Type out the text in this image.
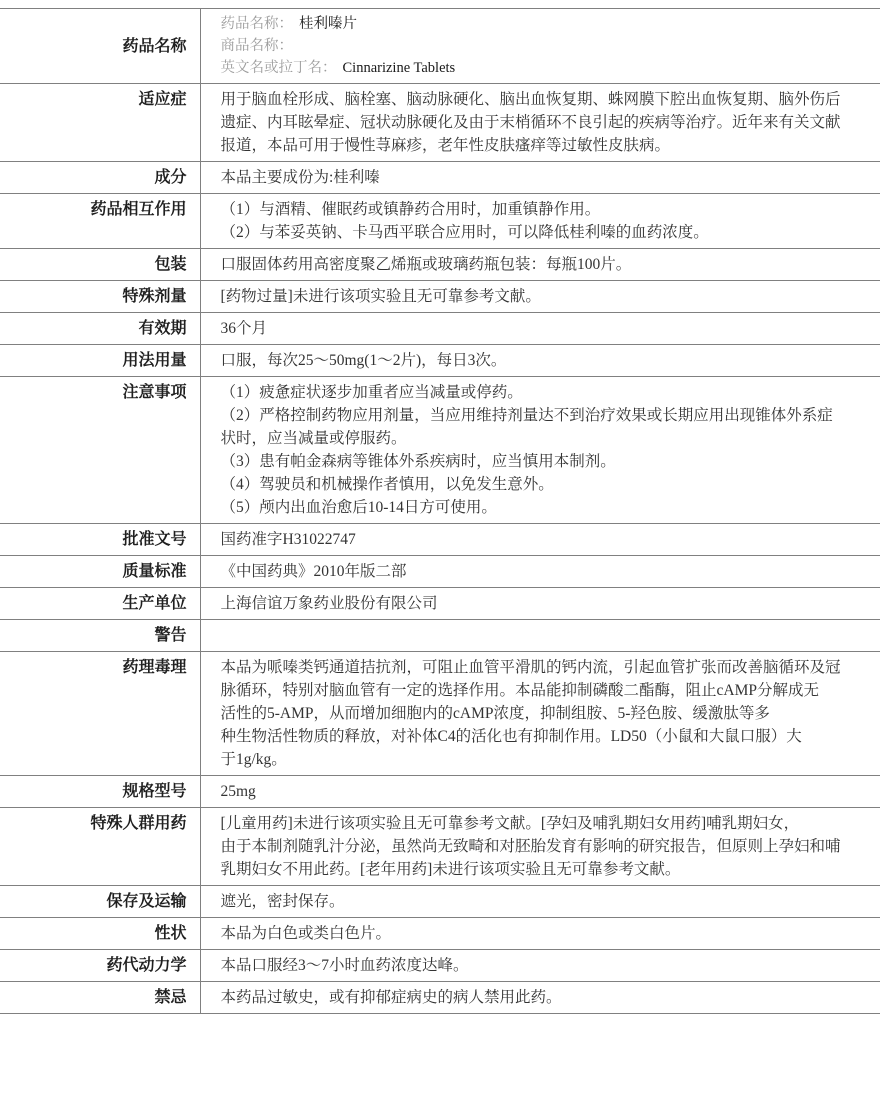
药品名称	药品名称： 桂利嗪片
商品名称：
英文名或拉丁名： Cinnarizine Tablets

适应症	用于脑血栓形成、脑栓塞、脑动脉硬化、脑出血恢复期、蛛网膜下腔出血恢复期、脑外伤后
遗症、内耳眩晕症、冠状动脉硬化及由于末梢循环不良引起的疾病等治疗。近年来有关文献
报道，本品可用于慢性荨麻疹，老年性皮肤瘙痒等过敏性皮肤病。

成分	本品主要成份为:桂利嗪

药品相互作用	（1）与酒精、催眠药或镇静药合用时，加重镇静作用。
（2）与苯妥英钠、卡马西平联合应用时，可以降低桂利嗪的血药浓度。

包装	口服固体药用高密度聚乙烯瓶或玻璃药瓶包装：每瓶100片。

特殊剂量	[药物过量]未进行该项实验且无可靠参考文献。

有效期	36个月

用法用量	口服，每次25～50mg(1～2片)，每日3次。

注意事项	（1）疲惫症状逐步加重者应当减量或停药。
（2）严格控制药物应用剂量，当应用维持剂量达不到治疗效果或长期应用出现锥体外系症
状时，应当减量或停服药。
（3）患有帕金森病等锥体外系疾病时，应当慎用本制剂。
（4）驾驶员和机械操作者慎用，以免发生意外。
（5）颅内出血治愈后10-14日方可使用。

批准文号	国药准字H31022747

质量标准	《中国药典》2010年版二部

生产单位	上海信谊万象药业股份有限公司

警告	
药理毒理	本品为哌嗪类钙通道拮抗剂，可阻止血管平滑肌的钙内流，引起血管扩张而改善脑循环及冠
脉循环，特别对脑血管有一定的选择作用。本品能抑制磷酸二酯酶，阻止cAMP分解成无
活性的5-AMP，从而增加细胞内的cAMP浓度，抑制组胺、5-羟色胺、缓激肽等多
种生物活性物质的释放，对补体C4的活化也有抑制作用。LD50（小鼠和大鼠口服）大
于1g/kg。

规格型号	25mg

特殊人群用药	[儿童用药]未进行该项实验且无可靠参考文献。[孕妇及哺乳期妇女用药]哺乳期妇女，
由于本制剂随乳汁分泌，虽然尚无致畸和对胚胎发育有影响的研究报告，但原则上孕妇和哺
乳期妇女不用此药。[老年用药]未进行该项实验且无可靠参考文献。

保存及运输	遮光，密封保存。

性状	本品为白色或类白色片。

药代动力学	本品口服经3～7小时血药浓度达峰。

禁忌	本药品过敏史，或有抑郁症病史的病人禁用此药。
